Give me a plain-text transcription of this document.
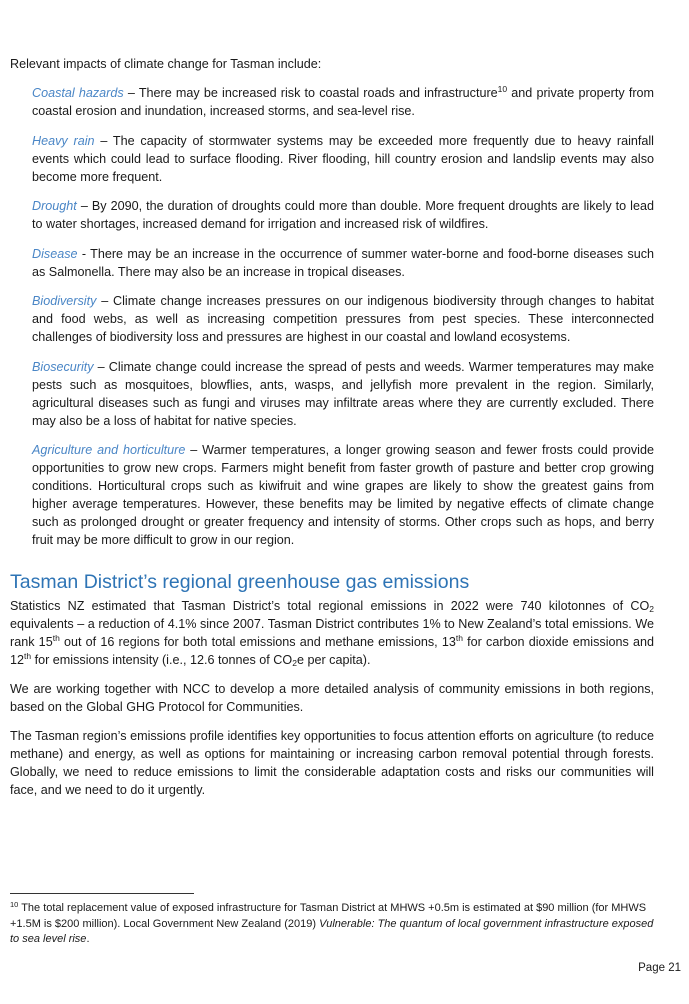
Relevant impacts of climate change for Tasman include:

Coastal hazards – There may be increased risk to coastal roads and infrastructure$^{10}$ and private property from coastal erosion and inundation, increased storms, and sea-level rise.

Heavy rain – The capacity of stormwater systems may be exceeded more frequently due to heavy rainfall events which could lead to surface flooding. River flooding, hill country erosion and landslip events may also become more frequent.

Drought – By 2090, the duration of droughts could more than double. More frequent droughts are likely to lead to water shortages, increased demand for irrigation and increased risk of wildfires.

Disease - There may be an increase in the occurrence of summer water-borne and food-borne diseases such as Salmonella. There may also be an increase in tropical diseases.

Biodiversity – Climate change increases pressures on our indigenous biodiversity through changes to habitat and food webs, as well as increasing competition pressures from pest species. These interconnected challenges of biodiversity loss and pressures are highest in our coastal and lowland ecosystems.

Biosecurity – Climate change could increase the spread of pests and weeds. Warmer temperatures may make pests such as mosquitoes, blowflies, ants, wasps, and jellyfish more prevalent in the region. Similarly, agricultural diseases such as fungi and viruses may infiltrate areas where they are currently excluded. There may also be a loss of habitat for native species.

Agriculture and horticulture – Warmer temperatures, a longer growing season and fewer frosts could provide opportunities to grow new crops. Farmers might benefit from faster growth of pasture and better crop growing conditions. Horticultural crops such as kiwifruit and wine grapes are likely to show the greatest gains from higher average temperatures. However, these benefits may be limited by negative effects of climate change such as prolonged drought or greater frequency and intensity of storms. Other crops such as hops, and berry fruit may be more difficult to grow in our region.

Tasman District’s regional greenhouse gas emissions

Statistics NZ estimated that Tasman District’s total regional emissions in 2022 were 740 kilotonnes of $CO_2$ equivalents – a reduction of 4.1% since 2007. Tasman District contributes 1% to New Zealand’s total emissions. We rank 15th out of 16 regions for both total emissions and methane emissions, 13th for carbon dioxide emissions and 12th for emissions intensity (i.e., 12.6 tonnes of $CO_2e$ per capita).

We are working together with NCC to develop a more detailed analysis of community emissions in both regions, based on the Global GHG Protocol for Communities.

The Tasman region’s emissions profile identifies key opportunities to focus attention efforts on agriculture (to reduce methane) and energy, as well as options for maintaining or increasing carbon removal potential through forests. Globally, we need to reduce emissions to limit the considerable adaptation costs and risks our communities will face, and we need to do it urgently.

$^{10}$ The total replacement value of exposed infrastructure for Tasman District at MHWS +0.5m is estimated at $90 million (for MHWS +1.5M is $200 million). Local Government New Zealand (2019) Vulnerable: The quantum of local government infrastructure exposed to sea level rise.

Page 21
